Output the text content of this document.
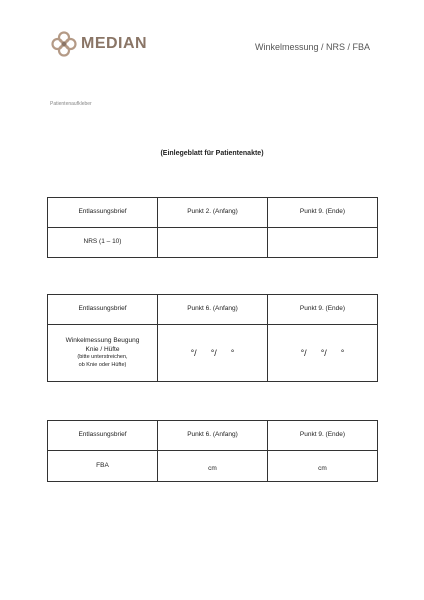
MEDIAN	Winkelmessung / NRS / FBA
Patientenaufkleber
(Einlegeblatt für Patientenakte)
Entlassungsbrief	Punkt 2. (Anfang)	Punkt 9. (Ende)
NRS (1 – 10)		
Entlassungsbrief	Punkt 6. (Anfang)	Punkt 9. (Ende)

Winkelmessung Beugung
Knie / Hüfte
(bitte unterstreichen,
ob Knie oder Hüfte)	°/ °/ °	°/ °/ °
Entlassungsbrief	Punkt 6. (Anfang)	Punkt 9. (Ende)
FBA	cm	cm
